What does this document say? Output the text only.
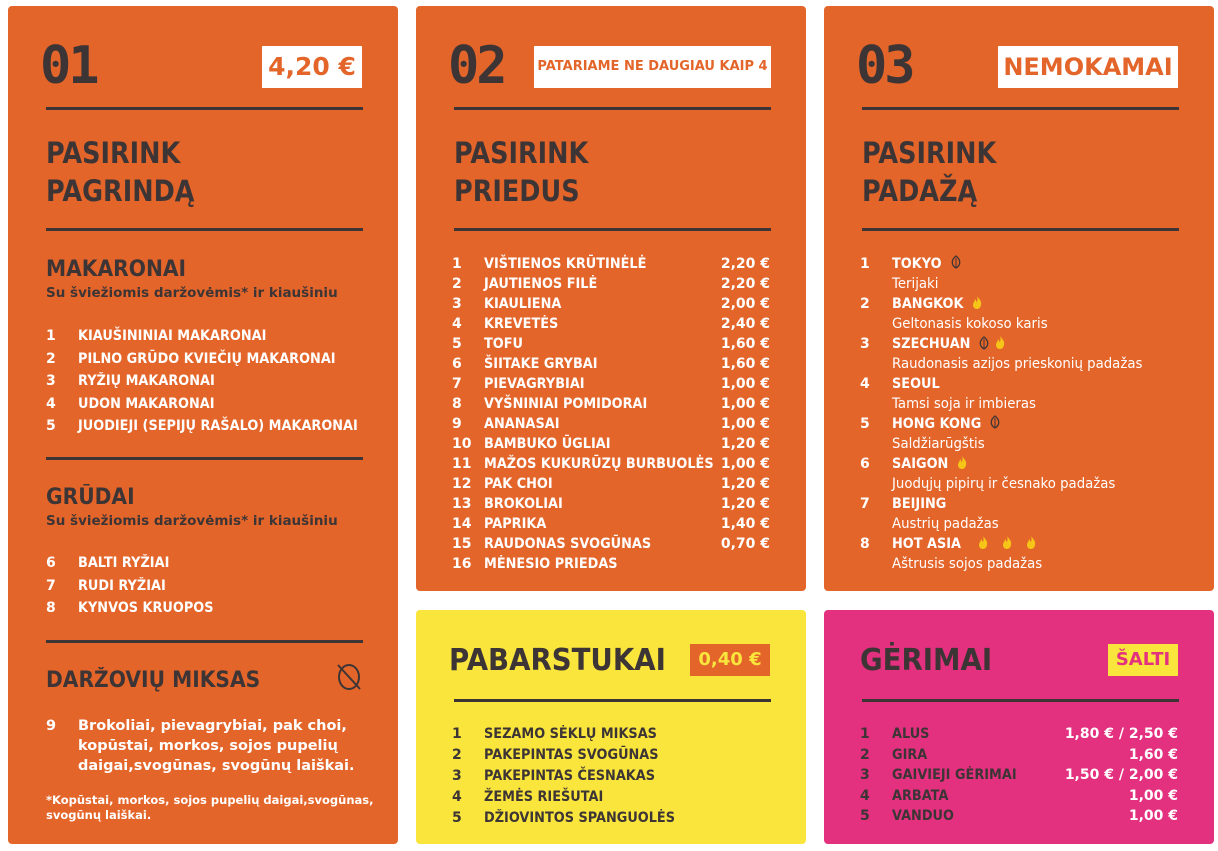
01	4,20 €
PASIRINK
PAGRINDĄ
MAKARONAI
Su šviežiomis daržovėmis* ir kiaušiniu
1 KIAUŠININIAI MAKARONAI
2 PILNO GRŪDO KVIEČIŲ MAKARONAI
3 RYŽIŲ MAKARONAI
4 UDON MAKARONAI
5 JUODIEJI (SEPIJŲ RAŠALO) MAKARONAI
GRŪDAI
Su šviežiomis daržovėmis* ir kiaušiniu
6 BALTI RYŽIAI
7 RUDI RYŽIAI
8 KYNVOS KRUOPOS
DARŽOVIŲ MIKSAS
9 Brokoliai, pievagrybiai, pak choi, kopūstai, morkos, sojos pupelių daigai,svogūnas, svogūnų laiškai.
*Kopūstai, morkos, sojos pupelių daigai,svogūnas, svogūnų laiškai.
02	PATARIAME NE DAUGIAU KAIP 4
PASIRINK
PRIEDUS
1 VIŠTIENOS KRŪTINĖLĖ	2,20 €
2 JAUTIENOS FILĖ	2,20 €
3 KIAULIENA	2,00 €
4 KREVETĖS	2,40 €
5 TOFU	1,60 €
6 ŠIITAKE GRYBAI	1,60 €
7 PIEVAGRYBIAI	1,00 €
8 VYŠNINIAI POMIDORAI	1,00 €
9 ANANASAI	1,00 €
10 BAMBUKO ŪGLIAI	1,20 €
11 MAŽOS KUKURŪZŲ BURBUOLĖS 1,00 €
12 PAK CHOI	1,20 €
13 BROKOLIAI	1,20 €
14 PAPRIKA	1,40 €
15 RAUDONAS SVOGŪNAS	0,70 €
16 MĖNESIO PRIEDAS
03	NEMOKAMAI
PASIRINK
PADAŽĄ
1 TOKYO
Terijaki
2 BANGKOK
Geltonasis kokoso karis
3 SZECHUAN
Raudonasis azijos prieskonių padažas
4 SEOUL
Tamsi soja ir imbieras
5 HONG KONG
Saldžiarūgštis
6 SAIGON
Juodųjų pipirų ir česnako padažas
7 BEIJING
Austrių padažas
8 HOT ASIA
Aštrusis sojos padažas
PABARSTUKAI	0,40 €
1 SEZAMO SĖKLŲ MIKSAS
2 PAKEPINTAS SVOGŪNAS
3 PAKEPINTAS ČESNAKAS
4 ŽEMĖS RIEŠUTAI
5 DŽIOVINTOS SPANGUOLĖS
GĖRIMAI	ŠALTI
1 ALUS	1,80 € / 2,50 €
2 GIRA	1,60 €
3 GAIVIEJI GĖRIMAI	1,50 € / 2,00 €
4 ARBATA	1,00 €
5 VANDUO	1,00 €
